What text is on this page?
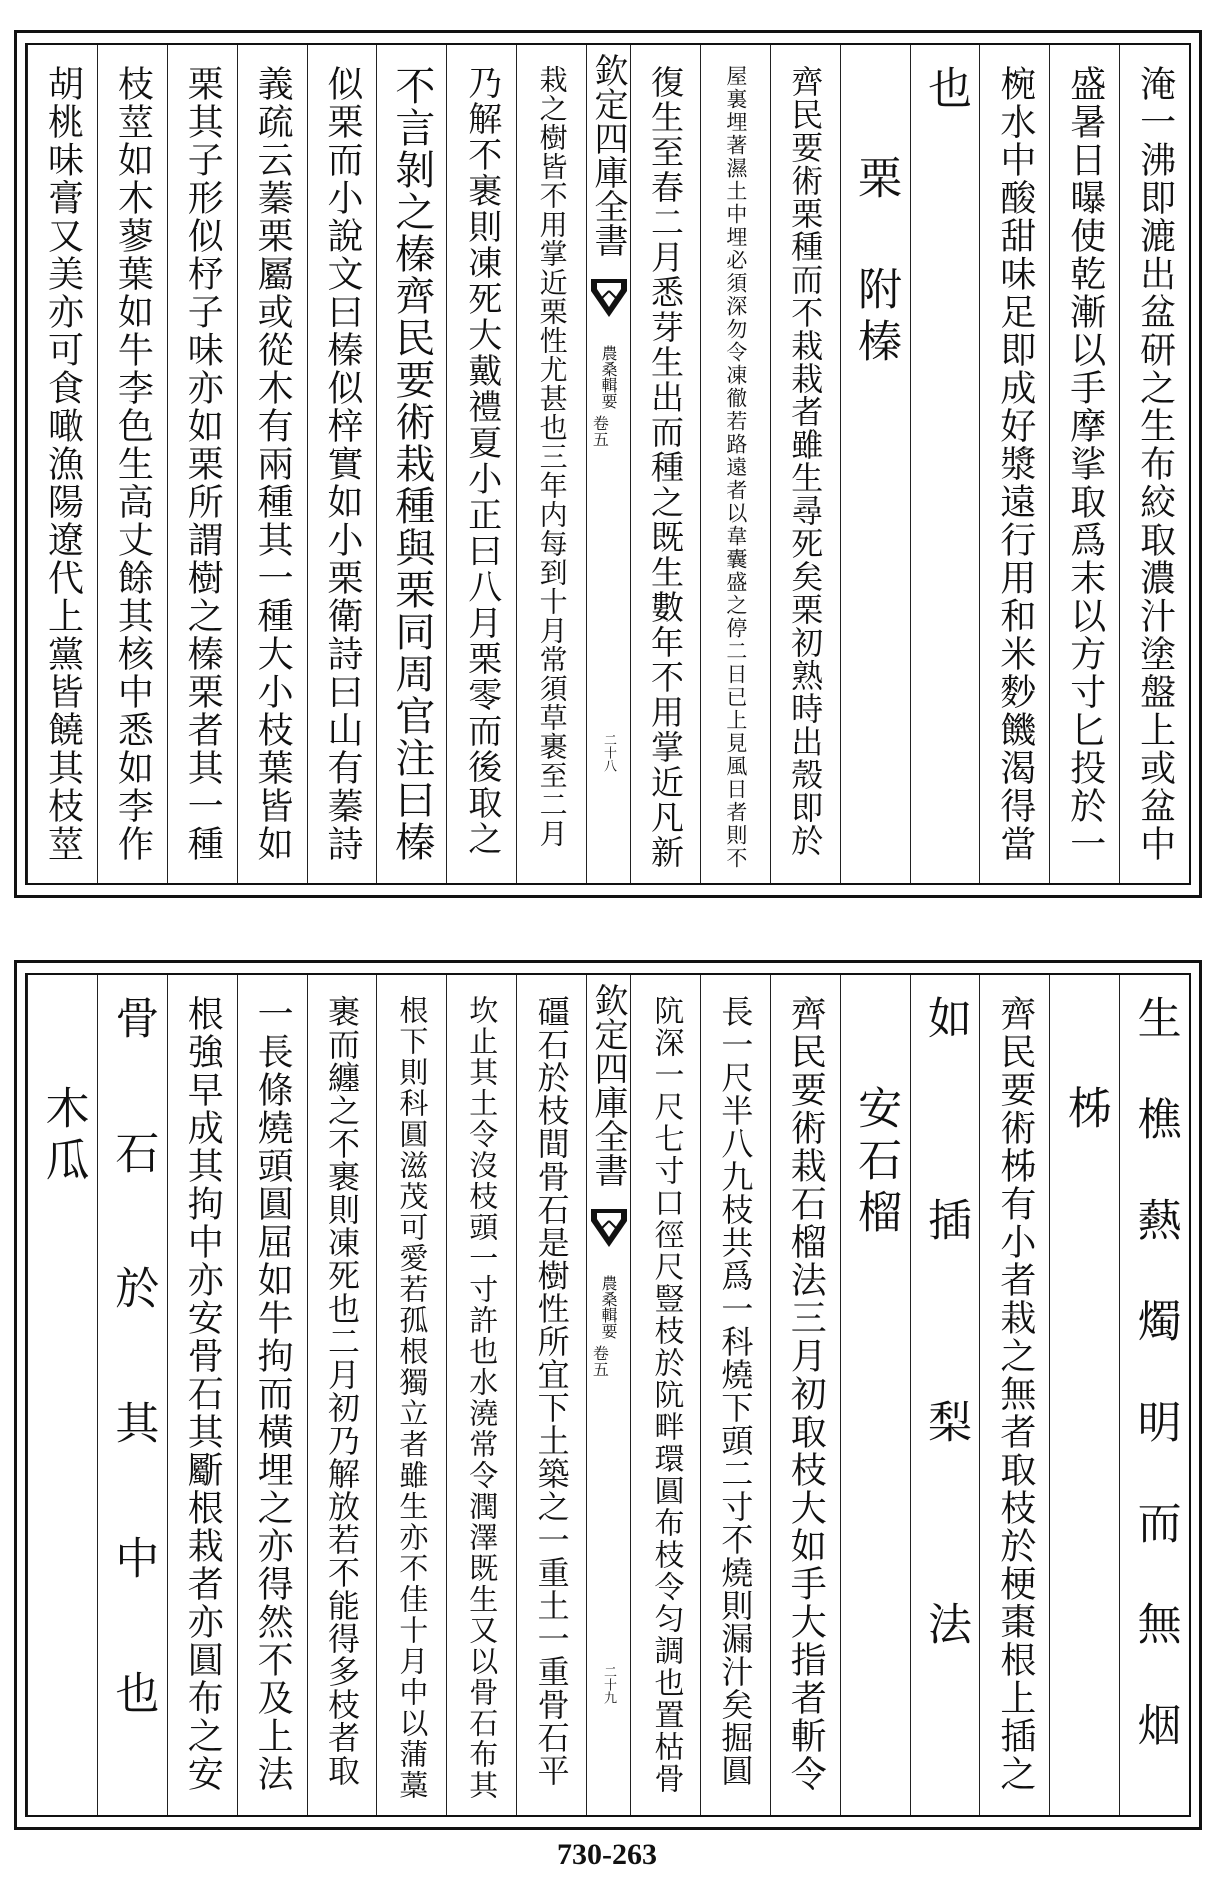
淹一沸即漉出盆研之生布絞取濃汁塗盤上或盆中
盛暑日曝使乾漸以手摩挲取爲末以方寸匕投於一
椀水中酸甜味足即成好漿遠行用和米麨饑渴得當
也
栗 附榛
齊民要術栗種而不栽栽者雖生尋死矣栗初熟時出殼即於
屋裏埋著濕土中埋必須深勿令凍徹若路遠者以韋囊盛之停二日已上見風日者則不
復生至春二月悉芽生出而種之既生數年不用掌近凡新
欽定四庫全書
農桑輯要
卷五
二十八
栽之樹皆不用掌近栗性尤甚也三年内每到十月常須草裹至二月
乃解不裹則凍死大戴禮夏小正曰八月栗零而後取之
不言剝之榛齊民要術栽種與栗同周官注曰榛
似栗而小說文曰榛似梓實如小栗衛詩曰山有蓁詩
義疏云蓁栗屬或從木有兩種其一種大小枝葉皆如
栗其子形似杼子味亦如栗所謂樹之榛栗者其一種
枝莖如木蓼葉如牛李色生高丈餘其核中悉如李作
胡桃味膏又美亦可食噉漁陽遼代上黨皆饒其枝莖
生樵爇燭明而無烟
柹
齊民要術柹有小者栽之無者取枝於梗棗根上插之
如插梨法
安石榴
齊民要術栽石榴法三月初取枝大如手大指者斬令
長一尺半八九枝共爲一科燒下頭二寸不燒則漏汁矣掘圓
阬深一尺七寸口徑尺豎枝於阬畔環圓布枝令匀調也置枯骨
欽定四庫全書
農桑輯要
卷五
二十九
礓石於枝間骨石是樹性所宜下土築之一重土一重骨石平
坎止其土令沒枝頭一寸許也水澆常令潤澤既生又以骨石布其
根下則科圓滋茂可愛若孤根獨立者雖生亦不佳十月中以蒲藁
裹而纏之不裹則凍死也二月初乃解放若不能得多枝者取
一長條燒頭圓屈如牛拘而橫埋之亦得然不及上法
根強早成其拘中亦安骨石其斸根栽者亦圓布之安
骨石於其中也
木瓜
730-263
